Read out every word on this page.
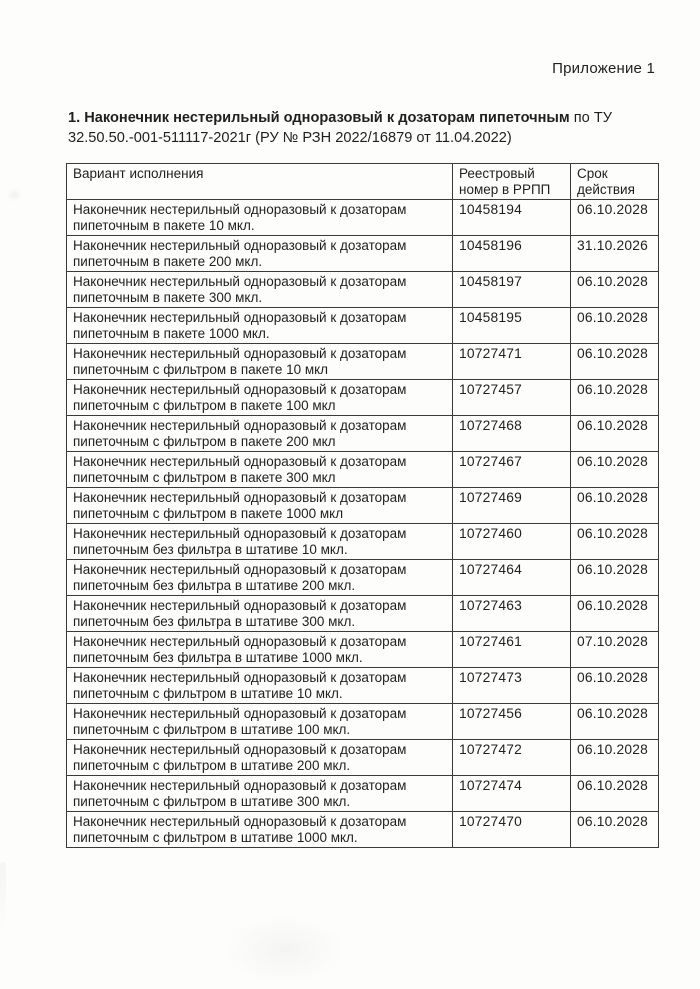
Приложение 1
1. Наконечник нестерильный одноразовый к дозаторам пипеточным по ТУ
32.50.50.-001-511117-2021г (РУ № РЗН 2022/16879 от 11.04.2022)
Вариант исполнения	Реестровый номер в РРПП	Срок действия
Наконечник нестерильный одноразовый к дозаторам пипеточным в пакете 10 мкл.	10458194	06.10.2028
Наконечник нестерильный одноразовый к дозаторам пипеточным в пакете 200 мкл.	10458196	31.10.2026
Наконечник нестерильный одноразовый к дозаторам пипеточным в пакете 300 мкл.	10458197	06.10.2028
Наконечник нестерильный одноразовый к дозаторам пипеточным в пакете 1000 мкл.	10458195	06.10.2028
Наконечник нестерильный одноразовый к дозаторам пипеточным с фильтром в пакете 10 мкл	10727471	06.10.2028
Наконечник нестерильный одноразовый к дозаторам пипеточным с фильтром в пакете 100 мкл	10727457	06.10.2028
Наконечник нестерильный одноразовый к дозаторам пипеточным с фильтром в пакете 200 мкл	10727468	06.10.2028
Наконечник нестерильный одноразовый к дозаторам пипеточным с фильтром в пакете 300 мкл	10727467	06.10.2028
Наконечник нестерильный одноразовый к дозаторам пипеточным с фильтром в пакете 1000 мкл	10727469	06.10.2028
Наконечник нестерильный одноразовый к дозаторам пипеточным без фильтра в штативе 10 мкл.	10727460	06.10.2028
Наконечник нестерильный одноразовый к дозаторам пипеточным без фильтра в штативе 200 мкл.	10727464	06.10.2028
Наконечник нестерильный одноразовый к дозаторам пипеточным без фильтра в штативе 300 мкл.	10727463	06.10.2028
Наконечник нестерильный одноразовый к дозаторам пипеточным без фильтра в штативе 1000 мкл.	10727461	07.10.2028
Наконечник нестерильный одноразовый к дозаторам пипеточным с фильтром в штативе 10 мкл.	10727473	06.10.2028
Наконечник нестерильный одноразовый к дозаторам пипеточным с фильтром в штативе 100 мкл.	10727456	06.10.2028
Наконечник нестерильный одноразовый к дозаторам пипеточным с фильтром в штативе 200 мкл.	10727472	06.10.2028
Наконечник нестерильный одноразовый к дозаторам пипеточным с фильтром в штативе 300 мкл.	10727474	06.10.2028
Наконечник нестерильный одноразовый к дозаторам пипеточным с фильтром в штативе 1000 мкл.	10727470	06.10.2028
